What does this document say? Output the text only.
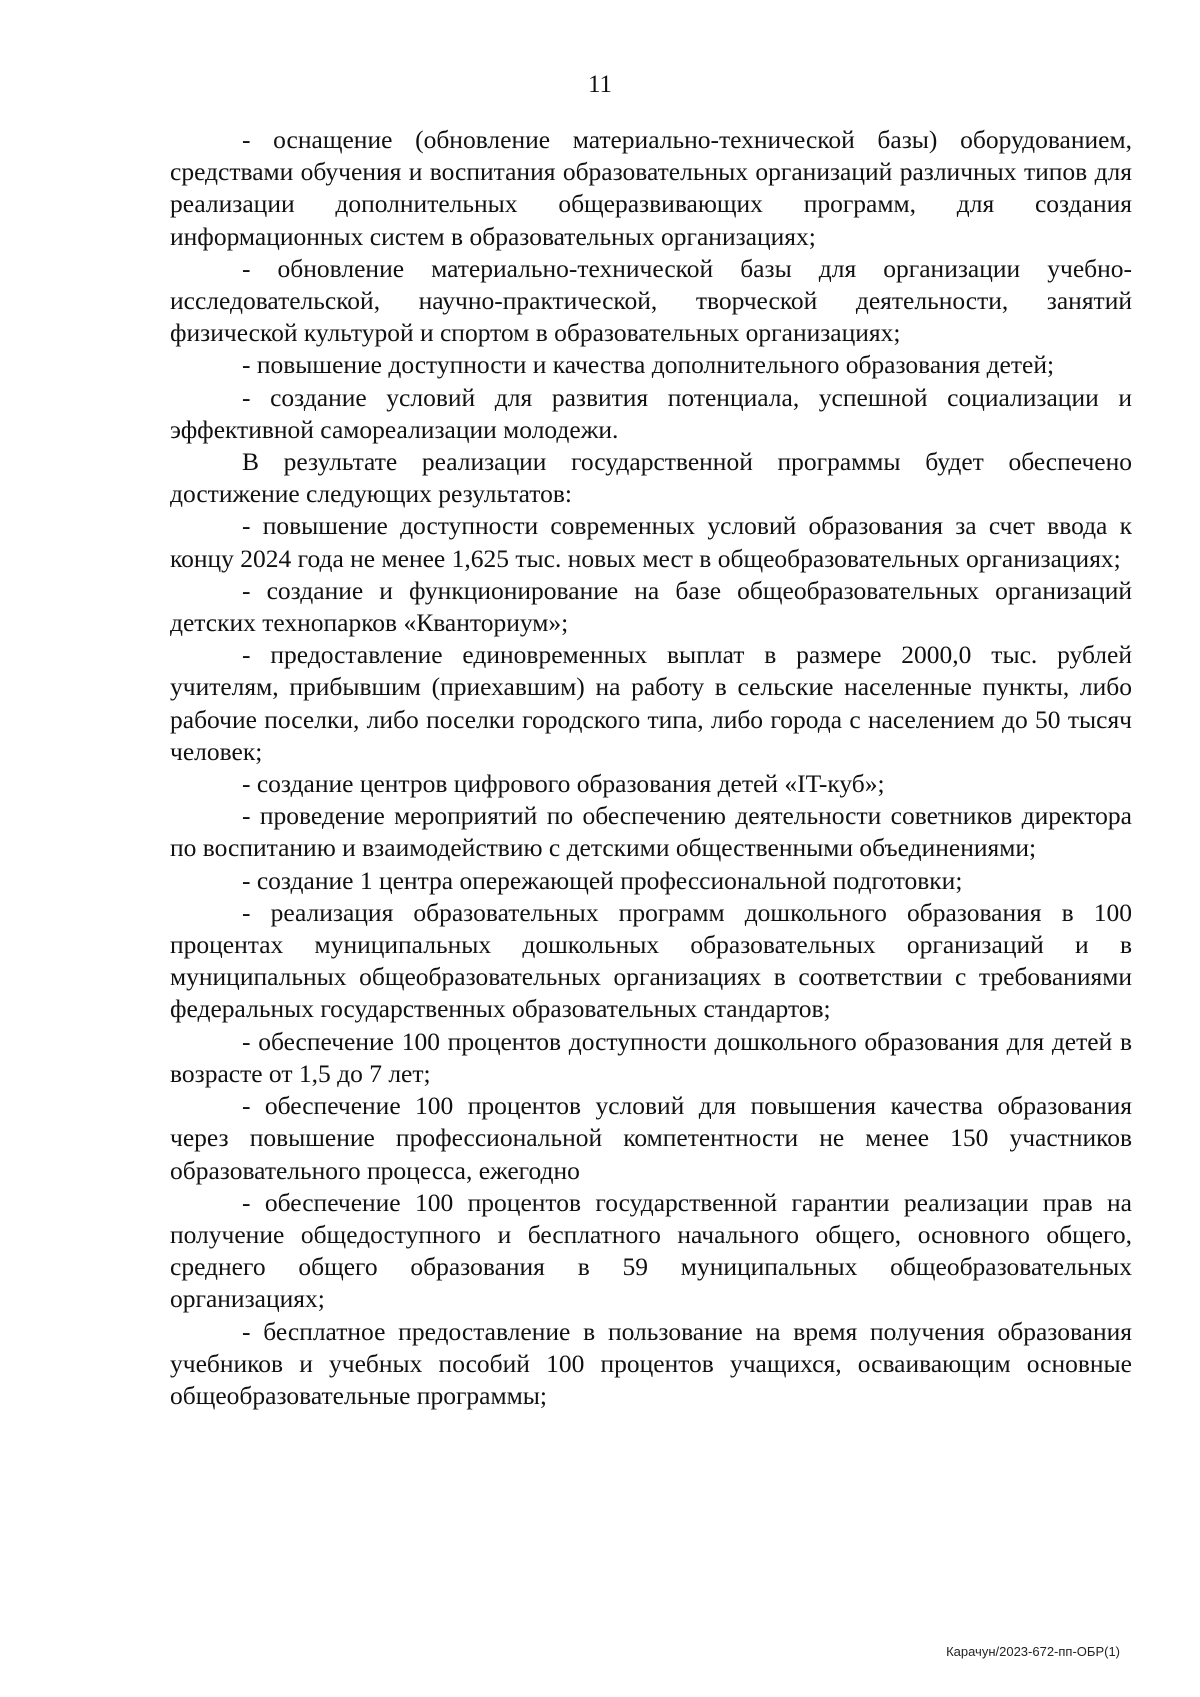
11

- оснащение (обновление материально-технической базы) оборудованием, средствами обучения и воспитания образовательных организаций различных типов для реализации дополнительных общеразвивающих программ, для создания информационных систем в образовательных организациях;

- обновление материально-технической базы для организации учебно-исследовательской, научно-практической, творческой деятельности, занятий физической культурой и спортом в образовательных организациях;

- повышение доступности и качества дополнительного образования детей;

- создание условий для развития потенциала, успешной социализации и эффективной самореализации молодежи.

В результате реализации государственной программы будет обеспечено достижение следующих результатов:

- повышение доступности современных условий образования за счет ввода к концу 2024 года не менее 1,625 тыс. новых мест в общеобразовательных организациях;

- создание и функционирование на базе общеобразовательных организаций детских технопарков «Кванториум»;

- предоставление единовременных выплат в размере 2000,0 тыс. рублей учителям, прибывшим (приехавшим) на работу в сельские населенные пункты, либо рабочие поселки, либо поселки городского типа, либо города с населением до 50 тысяч человек;

- создание центров цифрового образования детей «IT-куб»;

- проведение мероприятий по обеспечению деятельности советников директора по воспитанию и взаимодействию с детскими общественными объединениями;

- создание 1 центра опережающей профессиональной подготовки;

- реализация образовательных программ дошкольного образования в 100 процентах муниципальных дошкольных образовательных организаций и в муниципальных общеобразовательных организациях в соответствии с требованиями федеральных государственных образовательных стандартов;

- обеспечение 100 процентов доступности дошкольного образования для детей в возрасте от 1,5 до 7 лет;

- обеспечение 100 процентов условий для повышения качества образования через повышение профессиональной компетентности не менее 150 участников образовательного процесса, ежегодно

- обеспечение 100 процентов государственной гарантии реализации прав на получение общедоступного и бесплатного начального общего, основного общего, среднего общего образования в 59 муниципальных общеобразовательных организациях;

- бесплатное предоставление в пользование на время получения образования учебников и учебных пособий 100 процентов учащихся, осваивающим основные общеобразовательные программы;

Карачун/2023-672-пп-ОБР(1)
